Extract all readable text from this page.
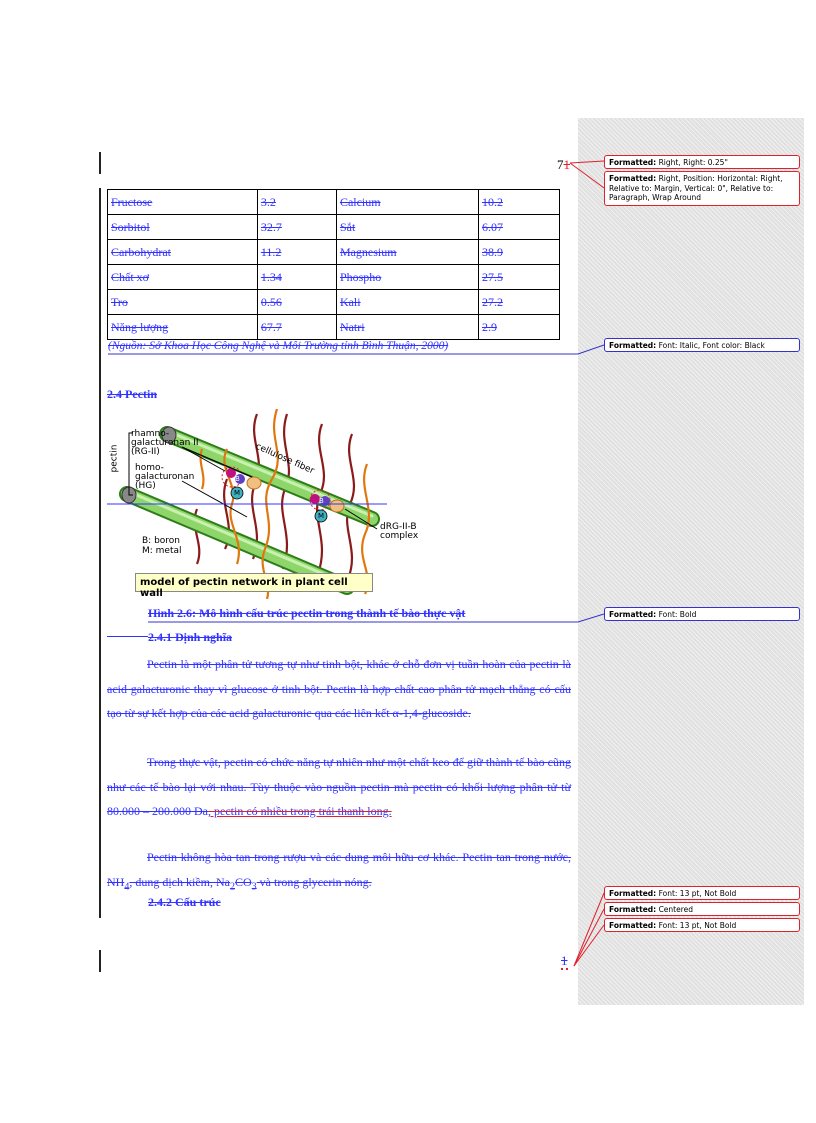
Formatted: Right, Right: 0.25"
Formatted: Right, Position: Horizontal: Right, Relative to: Margin, Vertical: 0", Relative to: Paragraph, Wrap Around
Formatted: Font: Italic, Font color: Black
Formatted: Font: Bold
Formatted: Font: 13 pt, Not Bold
Formatted: Centered
Formatted: Font: 13 pt, Not Bold
71
Fructose	3.2	Calcium	10.2
Sorbitol	32.7	Sắt	6.07
Carbohydrat	11.2	Magnesium	38.9
Chất xơ	1.34	Phospho	27.5
Tro	0.56	Kali	27.2
Năng lượng	67.7	Natri	2.9
(Nguồn: Sở Khoa Học Công Nghệ và Môi Trường tỉnh Bình Thuận, 2000)
2.4 Pectin
rhamno-
galacturonan II
(RG-II)
homo-
galacturonan
(HG)
pectin	cellulose fiber
dRG-II-B
complex
B: boron
M: metal
B
M
B
M
model of pectin network in plant cell wall
Hình 2.6: Mô hình cấu trúc pectin trong thành tế bào thực vật
2.4.1 Định nghĩa
Pectin là một phân tử tương tự như tinh bột, khác ở chỗ đơn vị tuần hoàn của pectin là acid galacturonic thay vì glucose ở tinh bột. Pectin là hợp chất cao phân tử mạch thẳng có cấu tạo từ sự kết hợp của các acid galacturonic qua các liên kết α-1,4-glucoside.
Trong thực vật, pectin có chức năng tự nhiên như một chất keo để giữ thành tế bào cũng như các tế bào lại với nhau. Tùy thuộc vào nguồn pectin mà pectin có khối lượng phân tử từ 80.000 – 200.000 Da, pectin có nhiều trong trái thanh long.
Pectin không hòa tan trong rượu và các dung môi hữu cơ khác. Pectin tan trong nước, $NH_4$, dung dịch kiềm, $Na_2CO_3$ và trong glycerin nóng.
2.4.2 Cấu trúc
1
